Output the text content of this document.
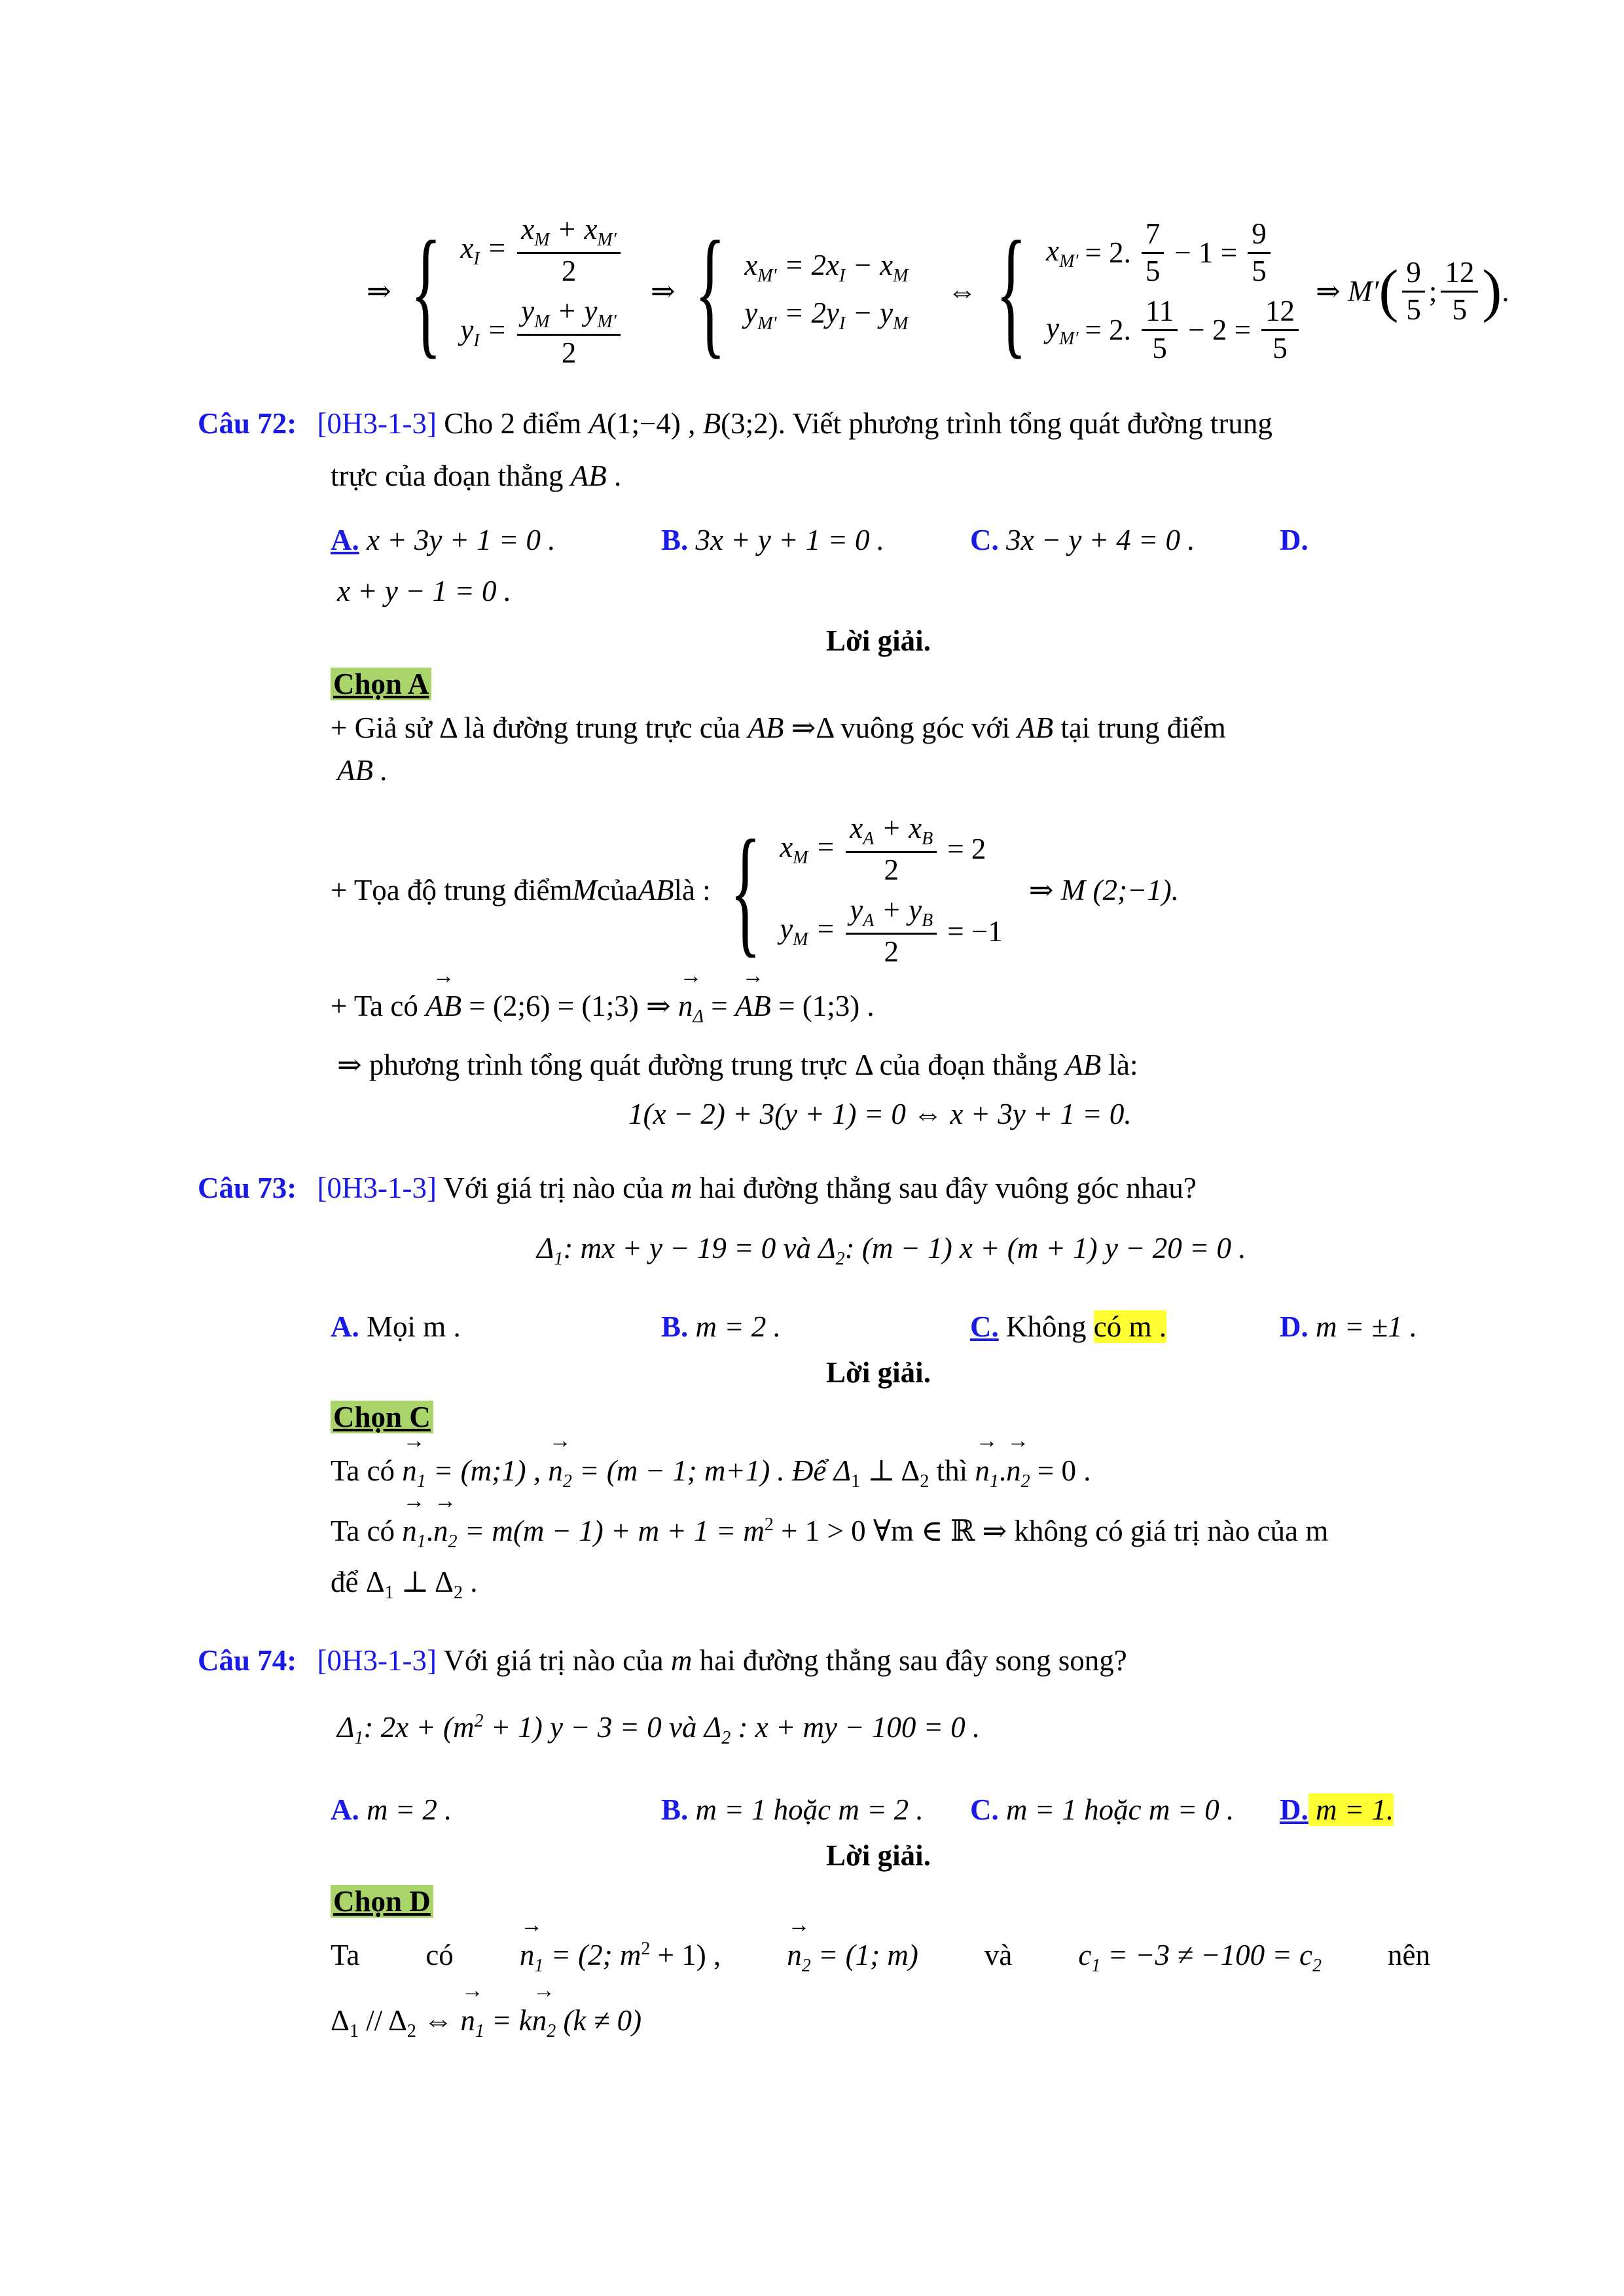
⇒ { $x_I = \frac{x_M + x_{M'}}{2}$
$y_I = \frac{y_M + y_{M'}}{2}$
⇒ { $x_{M'} = 2x_I - x_M$
$y_{M'} = 2y_I - y_M$
⇔ { $x_{M'} = 2$. $\frac{7}{5} - 1 = \frac{9}{5}$
$y_{M'} = 2$. $\frac{11}{5} - 2 = \frac{12}{5}$
⇒ M′ ( $\frac{9}{5}$ ; $\frac{12}{5}$ ) .
Câu 72: [0H3-1-3] Cho 2 điểm A(1;−4) , B(3;2). Viết phương trình tổng quát đường trung
trực của đoạn thẳng AB .
A. x + 3y + 1 = 0 .	B. 3x + y + 1 = 0 .	C. 3x − y + 4 = 0 .	D.
x + y − 1 = 0 .
Lời giải.
Chọn A
+ Giả sử Δ là đường trung trực của AB ⇒Δ vuông góc với AB tại trung điểm
AB .
+ Tọa độ trung điểm M của AB là : { $x_M = \frac{x_A + x_B}{2} = 2$
$y_M = \frac{y_A + y_B}{2} = -1$
⇒ M (2;−1).
+ Ta có → AB = (2;6) = (1;3) ⇒ → $n_\Delta$ = → AB = (1;3) .
⇒ phương trình tổng quát đường trung trực Δ của đoạn thẳng AB là:
1(x − 2) + 3(y + 1) = 0 ⇔ x + 3y + 1 = 0.
Câu 73: [0H3-1-3] Với giá trị nào của m hai đường thẳng sau đây vuông góc nhau?
$\Delta_1$: mx + y − 19 = 0 và $\Delta_2$: (m − 1) x + (m + 1) y − 20 = 0 .
A. Mọi m .	B. m = 2 .	C. Không có m .	D. m = ±1 .
Lời giải.
Chọn C
Ta có → $n_1$ = (m;1) , → $n_2 = (m - 1$; m+1) . Để $\Delta_1$ ⊥ $\Delta_2$ thì → $n_1.\to n_2 = 0$ .
Ta có → $n_1.\to n_2 = m(m - 1) + m + 1 = m^2 + 1 > 0$ ∀m ∈ ℝ ⇒ không có giá trị nào của m
để $\Delta_1$ ⊥ $\Delta_2$ .
Câu 74: [0H3-1-3] Với giá trị nào của m hai đường thẳng sau đây song song?
$\Delta_1$: $2x + (m^2 + 1) y - 3 = 0$ và $\Delta_2$ : x + my − 100 = 0 .
A. m = 2 .	B. m = 1 hoặc m = 2 . C. m = 1 hoặc m = 0 . D. m = 1.
Lời giải.
Chọn D
Ta có → $n_1 = (2$; $m^2 + 1$) , → $n_2 = (1$; m) và $c_1 = -3 \ne -100 = c_2$ nên
$\Delta_1 // \Delta_2$ ⇔ → $n_1 = k\to n_2$ (k ≠ 0)
